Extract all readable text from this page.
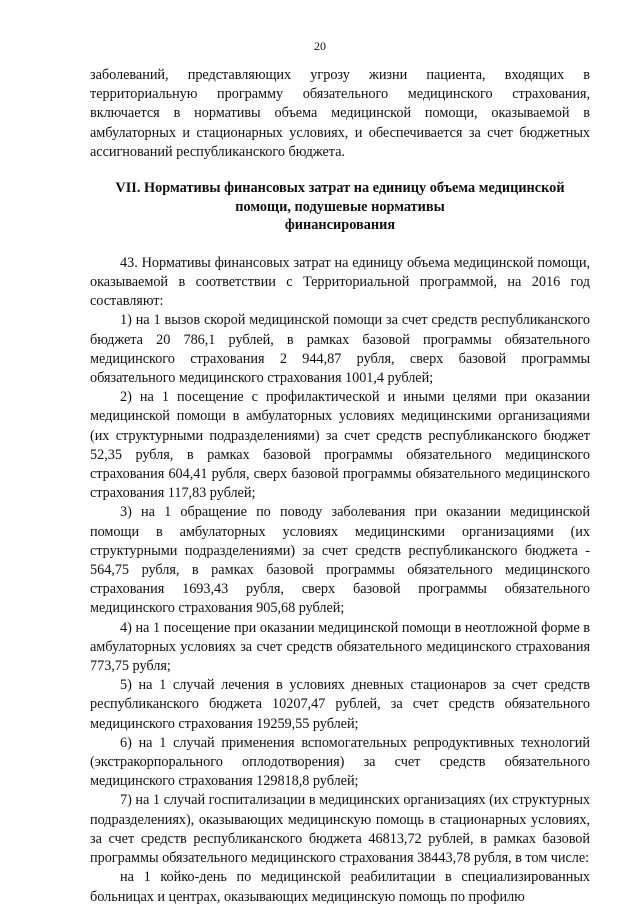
20

заболеваний, представляющих угрозу жизни пациента, входящих в территориальную программу обязательного медицинского страхования, включается в нормативы объема медицинской помощи, оказываемой в амбулаторных и стационарных условиях, и обеспечивается за счет бюджетных ассигнований республиканского бюджета.

VII. Нормативы финансовых затрат на единицу объема медицинской
помощи, подушевые нормативы
финансирования

43. Нормативы финансовых затрат на единицу объема медицинской помощи, оказываемой в соответствии с Территориальной программой, на 2016 год составляют:

1) на 1 вызов скорой медицинской помощи за счет средств республиканского бюджета 20 786,1 рублей, в рамках базовой программы обязательного медицинского страхования 2 944,87 рубля, сверх базовой программы обязательного медицинского страхования 1001,4 рублей;

2) на 1 посещение с профилактической и иными целями при оказании медицинской помощи в амбулаторных условиях медицинскими организациями (их структурными подразделениями) за счет средств республиканского бюджет 52,35 рубля, в рамках базовой программы обязательного медицинского страхования 604,41 рубля, сверх базовой программы обязательного медицинского страхования 117,83 рублей;

3) на 1 обращение по поводу заболевания при оказании медицинской помощи в амбулаторных условиях медицинскими организациями (их структурными подразделениями) за счет средств республиканского бюджета - 564,75 рубля, в рамках базовой программы обязательного медицинского страхования 1693,43 рубля, сверх базовой программы обязательного медицинского страхования 905,68 рублей;

4) на 1 посещение при оказании медицинской помощи в неотложной форме в амбулаторных условиях за счет средств обязательного медицинского страхования 773,75 рубля;

5) на 1 случай лечения в условиях дневных стационаров за счет средств республиканского бюджета 10207,47 рублей, за счет средств обязательного медицинского страхования 19259,55 рублей;

6) на 1 случай применения вспомогательных репродуктивных технологий (экстракорпорального оплодотворения) за счет средств обязательного медицинского страхования 129818,8 рублей;

7) на 1 случай госпитализации в медицинских организациях (их структурных подразделениях), оказывающих медицинскую помощь в стационарных условиях, за счет средств республиканского бюджета 46813,72 рублей, в рамках базовой программы обязательного медицинского страхования 38443,78 рубля, в том числе:

на 1 койко-день по медицинской реабилитации в специализированных больницах и центрах, оказывающих медицинскую помощь по профилю
